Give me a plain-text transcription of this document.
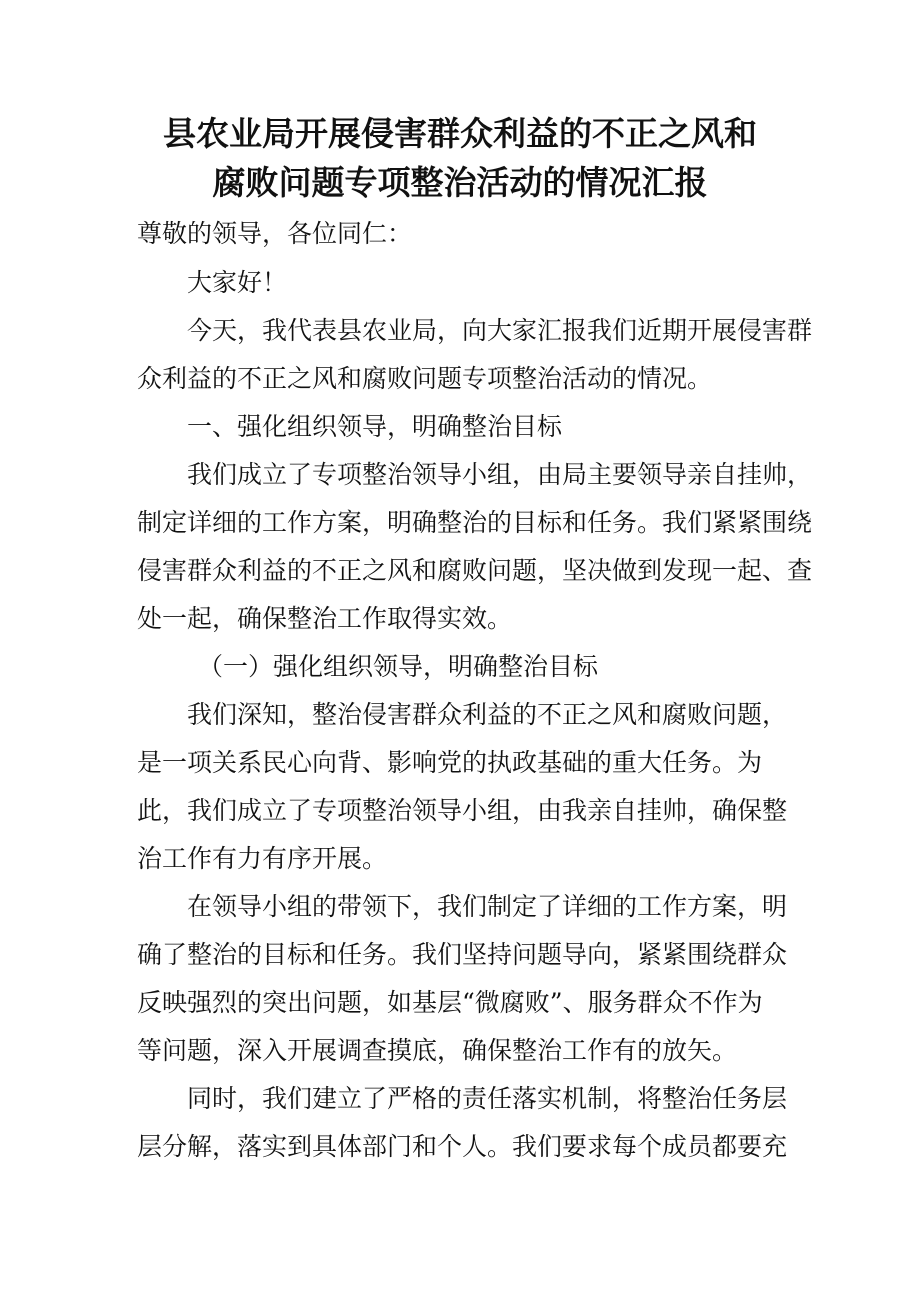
县农业局开展侵害群众利益的不正之风和
腐败问题专项整治活动的情况汇报
尊敬的领导，各位同仁：
大家好！
今天，我代表县农业局，向大家汇报我们近期开展侵害群
众利益的不正之风和腐败问题专项整治活动的情况。
一、强化组织领导，明确整治目标
我们成立了专项整治领导小组，由局主要领导亲自挂帅，
制定详细的工作方案，明确整治的目标和任务。我们紧紧围绕
侵害群众利益的不正之风和腐败问题，坚决做到发现一起、查
处一起，确保整治工作取得实效。
（一）强化组织领导，明确整治目标
我们深知，整治侵害群众利益的不正之风和腐败问题，
是一项关系民心向背、影响党的执政基础的重大任务。为
此，我们成立了专项整治领导小组，由我亲自挂帅，确保整
治工作有力有序开展。
在领导小组的带领下，我们制定了详细的工作方案，明
确了整治的目标和任务。我们坚持问题导向，紧紧围绕群众
反映强烈的突出问题，如基层“微腐败”、服务群众不作为
等问题，深入开展调查摸底，确保整治工作有的放矢。
同时，我们建立了严格的责任落实机制，将整治任务层
层分解，落实到具体部门和个人。我们要求每个成员都要充
